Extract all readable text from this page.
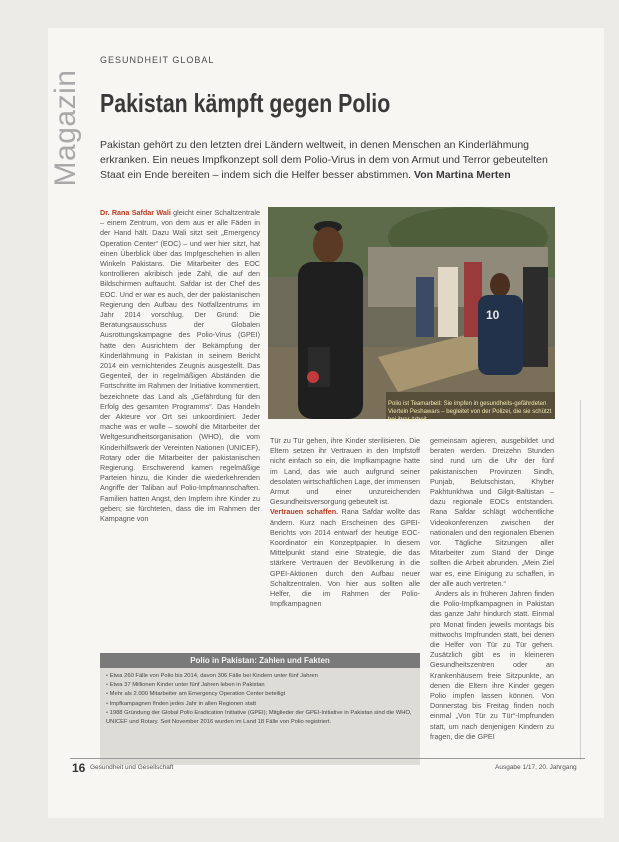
Magazin
GESUNDHEIT GLOBAL
Pakistan kämpft gegen Polio
Pakistan gehört zu den letzten drei Ländern weltweit, in denen Menschen an Kinderlähmung erkranken. Ein neues Impfkonzept soll dem Polio-Virus in dem von Armut und Terror gebeutelten Staat ein Ende bereiten – indem sich die Helfer besser abstimmen. Von Martina Merten
Dr. Rana Safdar Wali gleicht einer Schaltzentrale – einem Zentrum, von dem aus er alle Fäden in der Hand hält. Dazu Wali sitzt seit „Emergency Operation Center“ (EOC) – und wer hier sitzt, hat einen Überblick über das Impfgeschehen in allen Winkeln Pakistans. Die Mitarbeiter des EOC kontrollieren akribisch jede Zahl, die auf den Bildschirmen auftaucht. Safdar ist der Chef des EOC. Und er war es auch, der der pakistanischen Regierung den Aufbau des Notfallzentrums im Jahr 2014 vorschlug. Der Grund: Die Beratungsausschuss der Globalen Ausrottungskampagne des Polio-Virus (GPEI) hatte den Ausrichtern der Bekämpfung der Kinderlähmung in Pakistan in seinem Bericht 2014 ein vernichtendes Zeugnis ausgestellt. Das Gegenteil, der in regelmäßigen Abständen die Fortschritte im Rahmen der Initiative kommentiert, bezeichnete das Land als „Gefährdung für den Erfolg des gesamten Programms“. Das Handeln der Akteure vor Ort sei unkoordiniert. Jeder mache was er wolle – sowohl die Mitarbeiter der Weltgesundheitsorganisation (WHO), die vom Kinderhilfswerk der Vereinten Nationen (UNICEF), Rotary oder die Mitarbeiter der pakistanischen Regierung. Erschwerend kamen regelmäßige Parteien hinzu, die Kinder die wiederkehrenden Angriffe der Taliban auf Polio-Impfmannschaften. Familien hatten Angst, den Impfern ihre Kinder zu geben; sie fürchteten, dass die im Rahmen der Kampagne von
10
Polio ist Teamarbeit: Sie impfen in gesundheits-gefährdeten Vierteln Peshawars – begleitet von der Polizei, die sie schützt bei ihrer Arbeit.
Tür zu Tür gehen, ihre Kinder sterilisieren. Die Eltern setzen ihr Vertrauen in den Impfstoff nicht einfach so ein, die Impfkampagne hatte im Land, das wie auch aufgrund seiner desolaten wirtschaftlichen Lage, der immensen Armut und einer unzureichenden Gesundheitsversorgung gebeutelt ist.
Vertrauen schaffen. Rana Safdar wollte das ändern. Kurz nach Erscheinen des GPEI-Berichts von 2014 entwarf der heutige EOC-Koordinator ein Konzeptpapier. In diesem Mittelpunkt stand eine Strategie, die das stärkere Vertrauen der Bevölkerung in die GPEI-Aktionen durch den Aufbau neuer Schaltzentralen. Von hier aus sollten alle Helfer, die im Rahmen der Polio-Impfkampagnen
gemeinsam agieren, ausgebildet und beraten werden. Dreizehn Stunden sind rund um die Uhr der fünf pakistanischen Provinzen Sindh, Punjab, Belutschistan, Khyber Pakhtunkhwa und Gilgit-Baltistan – dazu regionale EOCs entstanden. Rana Safdar schlägt wöchentliche Videokonferenzen zwischen der nationalen und den regionalen Ebenen vor. Tägliche Sitzungen aller Mitarbeiter zum Stand der Dinge sollten die Arbeit abrunden. „Mein Ziel war es, eine Einigung zu schaffen, in der alle auch vertreten.“
Anders als in früheren Jahren finden die Polio-Impfkampagnen in Pakistan das ganze Jahr hindurch statt. Einmal pro Monat finden jeweils montags bis mittwochs Impfrunden statt, bei denen die Helfer von Tür zu Tür gehen. Zusätzlich gibt es in kleineren Gesundheitszentren oder an Krankenhäusern freie Sitzpunkte, an denen die Eltern ihre Kinder gegen Polio impfen lassen können. Von Donnerstag bis Freitag finden noch einmal „Von Tür zu Tür“-Impfrunden statt, um nach denjenigen Kindern zu fragen, die die GPEI
Polio in Pakistan: Zahlen und Fakten
• Etwa 260 Fälle von Polio bis 2014, davon 306 Fälle bei Kindern unter fünf Jahren
• Etwa 37 Millionen Kinder unter fünf Jahren leben in Pakistan
• Mehr als 2.000 Mitarbeiter am Emergency Operation Center beteiligt
• Impfkampagnen finden jedes Jahr in allen Regionen statt
• 1988 Gründung der Global Polio Eradication Initiative (GPEI); Mitglieder der GPEI-Initiative in Pakistan sind die WHO, UNICEF und Rotary. Seit November 2016 wurden im Land 18 Fälle von Polio registriert.
16 Gesundheit und Gesellschaft	Ausgabe 1/17, 20. Jahrgang
